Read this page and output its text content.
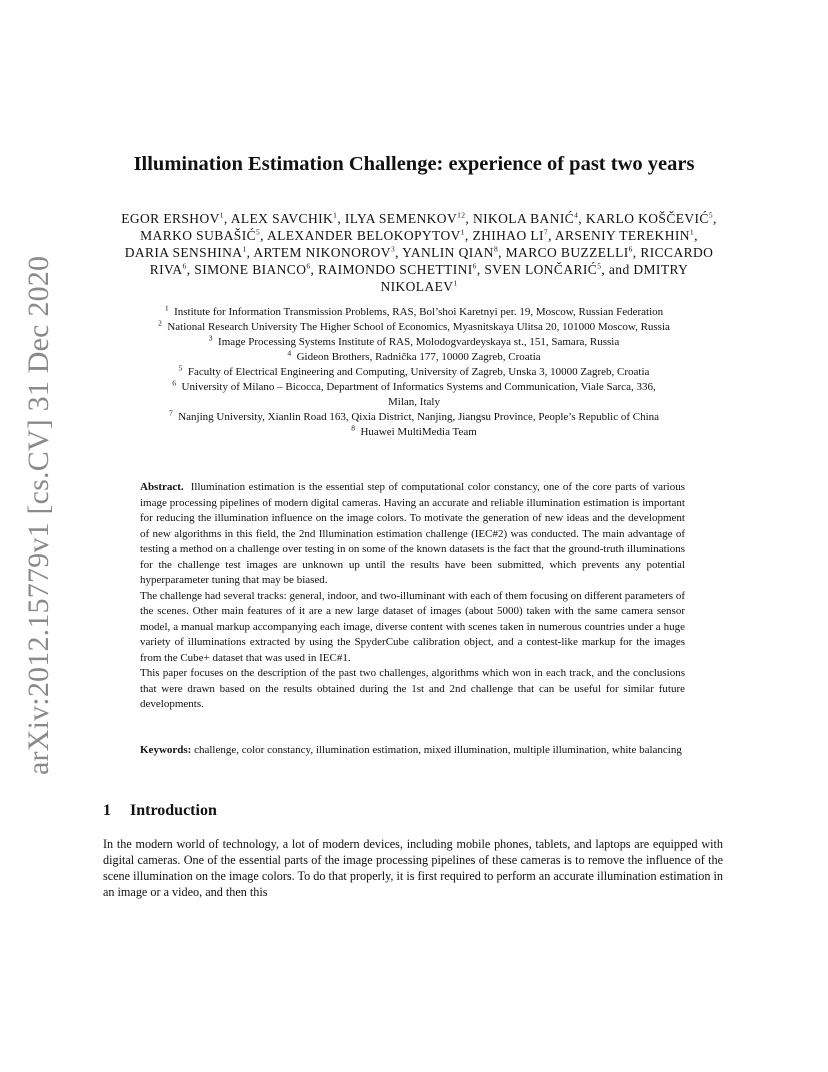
arXiv:2012.15779v1 [cs.CV] 31 Dec 2020
Illumination Estimation Challenge: experience of past two years
EGOR ERSHOV$^1$, ALEX SAVCHIK$^1$, ILYA SEMENKOV$^{12}$, NIKOLA BANIĆ$^4$, KARLO KOŠČEVIĆ$^5$,
MARKO SUBAŠIĆ$^5$, ALEXANDER BELOKOPYTOV$^1$, ZHIHAO $LI^7$, ARSENIY TEREKHIN$^1$,
DARIA SENSHINA$^1$, ARTEM NIKONOROV$^3$, YANLIN QIAN$^8$, MARCO BUZZELLI$^6$, RICCARDO
RIVA$^6$, SIMONE BIANCO$^6$, RAIMONDO SCHETTINI$^6$, SVEN LONČARIĆ$^5$, and DMITRY
NIKOLAEV$^1$
$^1$  Institute for Information Transmission Problems, RAS, Bol’shoi Karetnyi per. 19, Moscow, Russian Federation
$^2$  National Research University The Higher School of Economics, Myasnitskaya Ulitsa 20, 101000 Moscow, Russia
$^3$  Image Processing Systems Institute of RAS, Molodogvardeyskaya st., 151, Samara, Russia
$^4$  Gideon Brothers, Radnička 177, 10000 Zagreb, Croatia
$^5$  Faculty of Electrical Engineering and Computing, University of Zagreb, Unska 3, 10000 Zagreb, Croatia
$^6$  University of Milano – Bicocca, Department of Informatics Systems and Communication, Viale Sarca, 336,
Milan, Italy
$^7$  Nanjing University, Xianlin Road 163, Qixia District, Nanjing, Jiangsu Province, People’s Republic of China
$^8$  Huawei MultiMedia Team

Abstract. Illumination estimation is the essential step of computational color constancy, one of the core parts of various image processing pipelines of modern digital cameras. Having an accurate and reliable illumination estimation is important for reducing the illumination influence on the image colors. To motivate the generation of new ideas and the development of new algorithms in this field, the 2nd Illumination estimation challenge (IEC#2) was conducted. The main advantage of testing a method on a challenge over testing in on some of the known datasets is the fact that the ground-truth illuminations for the challenge test images are unknown up until the results have been submitted, which prevents any potential hyperparameter tuning that may be biased.

The challenge had several tracks: general, indoor, and two-illuminant with each of them focusing on different parameters of the scenes. Other main features of it are a new large dataset of images (about 5000) taken with the same camera sensor model, a manual markup accompanying each image, diverse content with scenes taken in numerous countries under a huge variety of illuminations extracted by using the SpyderCube calibration object, and a contest-like markup for the images from the Cube+ dataset that was used in IEC#1.

This paper focuses on the description of the past two challenges, algorithms which won in each track, and the conclusions that were drawn based on the results obtained during the 1st and 2nd challenge that can be useful for similar future developments.

Keywords: challenge, color constancy, illumination estimation, mixed illumination, multiple illumination, white balancing
1 Introduction

In the modern world of technology, a lot of modern devices, including mobile phones, tablets, and laptops are equipped with digital cameras. One of the essential parts of the image processing pipelines of these cameras is to remove the influence of the scene illumination on the image colors. To do that properly, it is first required to perform an accurate illumination estimation in an image or a video, and then this
